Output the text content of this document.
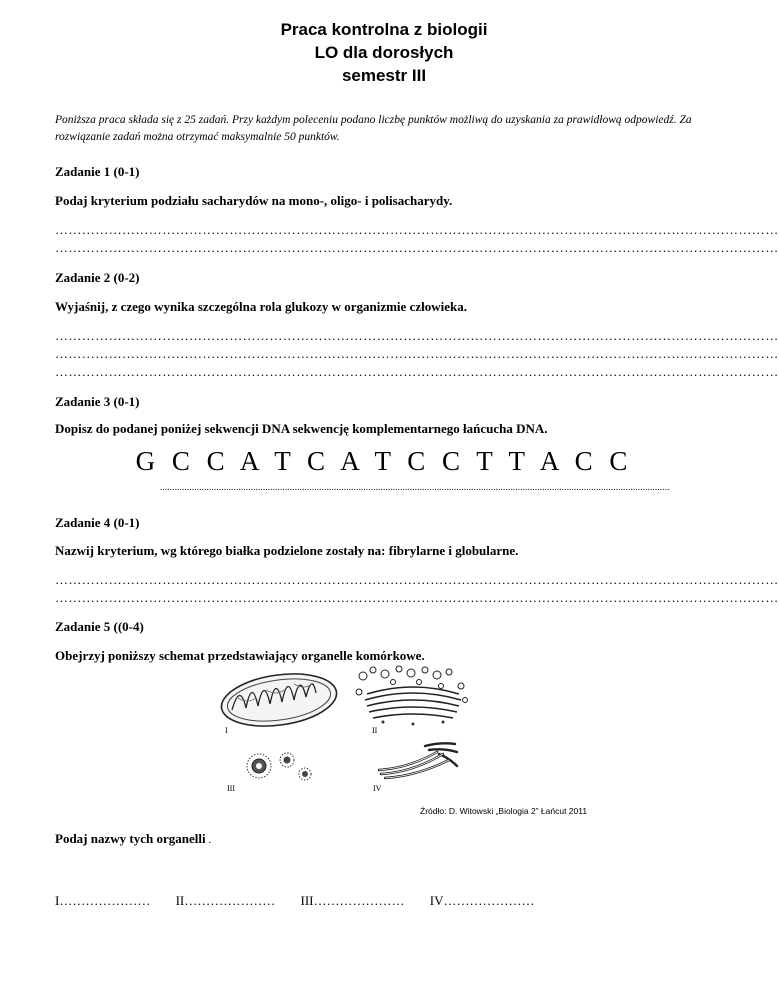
Praca kontrolna z biologii
LO dla dorosłych
semestr III
Poniższa praca składa się z 25 zadań. Przy każdym poleceniu podano liczbę punktów możliwą do uzyskania za prawidłową odpowiedź. Za rozwiązanie zadań można otrzymać maksymalnie 50 punktów.
Zadanie 1 (0-1)
Podaj kryterium podziału sacharydów na mono-, oligo- i polisacharydy.
………………………………………………………………………………………………………………………………………………
………………………………………………………………………………………………………………………………………………
Zadanie 2 (0-2)
Wyjaśnij, z czego wynika szczególna rola glukozy w organizmie człowieka.
………………………………………………………………………………………………………………………………………………
………………………………………………………………………………………………………………………………………………
………………………………………………………………………………………………………………………………………………
Zadanie 3 (0-1)
Dopisz do podanej poniżej sekwencji DNA sekwencję komplementarnego łańcucha DNA.
G C C A T C A T C C T T A C C
................................................................................................................................................................................................................
Zadanie 4 (0-1)
Nazwij kryterium, wg którego białka podzielone zostały na: fibrylarne i globularne.
………………………………………………………………………………………………………………………………………………
………………………………………………………………………………………………………………………………………………
Zadanie 5 ((0-4)
Obejrzyj poniższy schemat przedstawiający organelle komórkowe.
I	II
III	IV
Źródło: D. Witowski „Biologia 2” Łańcut 2011
Podaj nazwy tych organelli .
I………………… II………………… III………………… IV…………………
